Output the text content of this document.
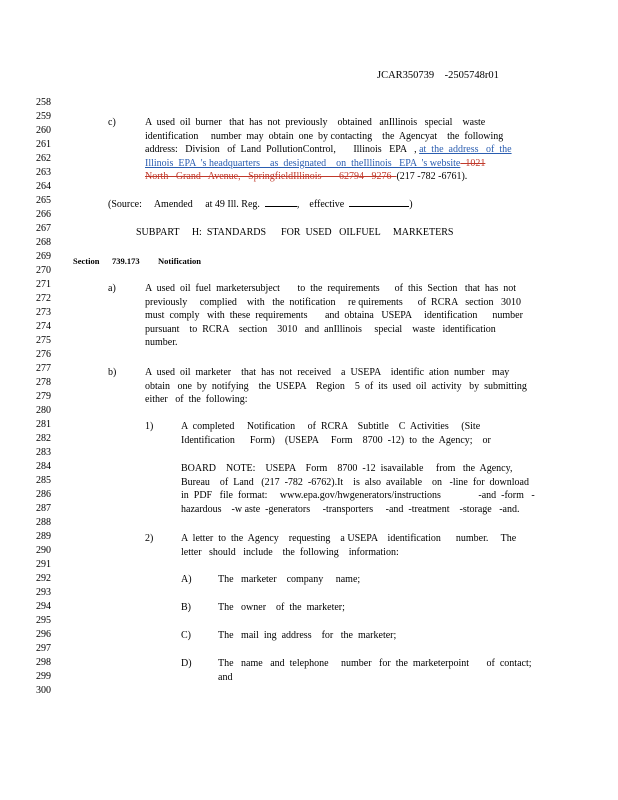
JCAR350739    -2505748r01
258
259
260
261
262
263
264
265
266
267
268
269
270
271
272
273
274
275
276
277
278
279
280
281
282
283
284
285
286
287
288
289
290
291
292
293
294
295
296
297
298
299
300
c)	A  used  oil  burner   that  has  not  previously    obtained   anIllinois   special    waste
identification     number  may  obtain  one  by contacting    the  Agencyat    the  following
address:   Division   of  Land  PollutionControl,       Illinois   EPA   , at  the  address   of  the
Illinois  EPA  's headquarters    as  designated    on  theIllinois   EPA  's website  1021
North   Grand   Avenue,   SpringfieldIllinois       62794   9276  (217 -782 -6761).
(Source:     Amended     at 49 Ill. Reg.	,    effective	)
SUBPART     H:  STANDARDS      FOR  USED   OILFUEL     MARKETERS
Section 739.173 Notification
a)	A  used  oil  fuel  marketersubject       to  the  requirements      of  this  Section   that  has  not
previously     complied    with   the  notification     re quirements      of  RCRA   section   3010
must  comply   with  these  requirements       and  obtaina   USEPA     identification      number
pursuant    to  RCRA    section    3010   and  anIllinois     special    waste   identification
number.
b)	A  used  oil  marketer    that  has  not  received    a  USEPA    identific  ation  number   may
obtain   one  by  notifying    the  USEPA    Region    5  of  its  used  oil  activity   by  submitting
either   of  the  following:
1)	A  completed     Notification     of  RCRA    Subtitle    C  Activities     (Site
Identification      Form)    (USEPA     Form    8700  -12)  to  the  Agency;    or
BOARD    NOTE:    USEPA    Form    8700  -12  isavailable     from   the  Agency,
Bureau    of  Land   (217  -782  -6762).It    is  also  available    on   -line  for  download
in  PDF   file  format:     www.epa.gov/hwgenerators/instructions               -and  -form   -
hazardous    -w aste  -generators     -transporters     -and  -treatment    -storage   -and.
2)	A  letter  to  the  Agency    requesting    a USEPA    identification      number.     The
letter   should   include    the  following    information:
A)	The   marketer    company     name;
B)	The   owner    of  the  marketer;
C)	The   mail  ing  address    for   the  marketer;
D)	The   name   and  telephone     number   for  the  marketerpoint       of  contact;
and
